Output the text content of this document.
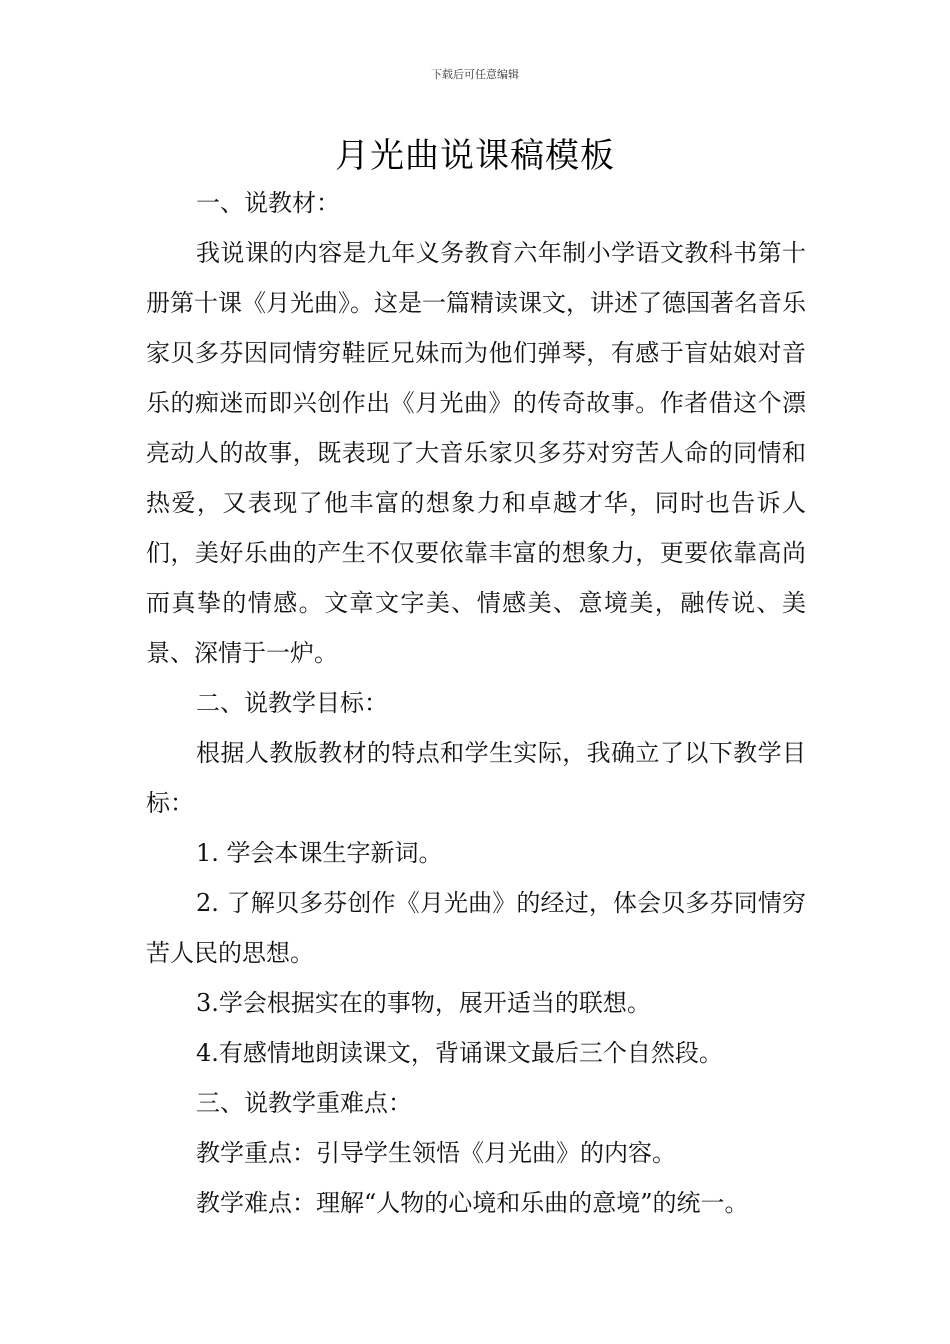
下载后可任意编辑
月光曲说课稿模板

一、说教材：

我说课的内容是九年义务教育六年制小学语文教科书第十册第十课《月光曲》。这是一篇精读课文，讲述了德国著名音乐家贝多芬因同情穷鞋匠兄妹而为他们弹琴，有感于盲姑娘对音乐的痴迷而即兴创作出《月光曲》的传奇故事。作者借这个漂亮动人的故事，既表现了大音乐家贝多芬对穷苦人命的同情和热爱，又表现了他丰富的想象力和卓越才华，同时也告诉人们，美好乐曲的产生不仅要依靠丰富的想象力，更要依靠高尚而真挚的情感。文章文字美、情感美、意境美，融传说、美景、深情于一炉。

二、说教学目标：

根据人教版教材的特点和学生实际，我确立了以下教学目标：

1. 学会本课生字新词。

2. 了解贝多芬创作《月光曲》的经过，体会贝多芬同情穷苦人民的思想。

3.学会根据实在的事物，展开适当的联想。

4.有感情地朗读课文，背诵课文最后三个自然段。

三、说教学重难点：

教学重点：引导学生领悟《月光曲》的内容。

教学难点：理解“人物的心境和乐曲的意境”的统一。
